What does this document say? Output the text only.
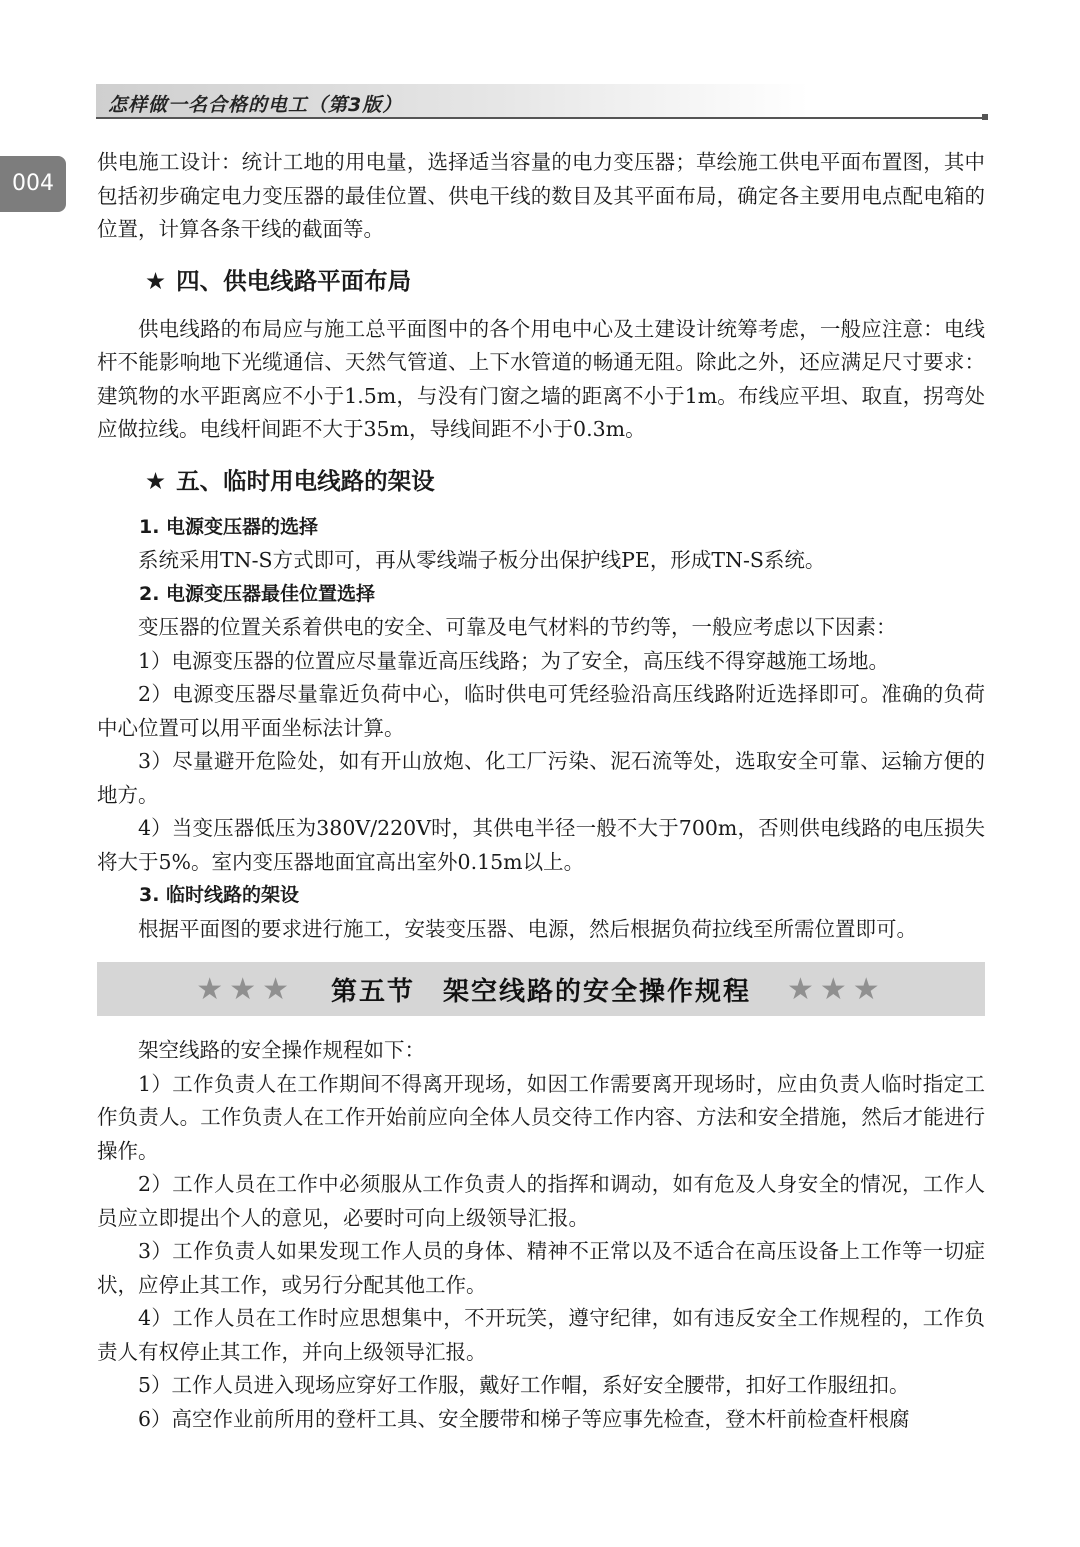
怎样做一名合格的电工（第3版）
004

供电施工设计：统计工地的用电量，选择适当容量的电力变压器；草绘施工供电平面布置图，其中包括初步确定电力变压器的最佳位置、供电干线的数目及其平面布局，确定各主要用电点配电箱的位置，计算各条干线的截面等。

★ 四、供电线路平面布局

供电线路的布局应与施工总平面图中的各个用电中心及土建设计统筹考虑，一般应注意：电线杆不能影响地下光缆通信、天然气管道、上下水管道的畅通无阻。除此之外，还应满足尺寸要求：建筑物的水平距离应不小于1.5m，与没有门窗之墙的距离不小于1m。布线应平坦、取直，拐弯处应做拉线。电线杆间距不大于35m，导线间距不小于0.3m。

★ 五、临时用电线路的架设
1. 电源变压器的选择

系统采用TN-S方式即可，再从零线端子板分出保护线PE，形成TN-S系统。

2. 电源变压器最佳位置选择

变压器的位置关系着供电的安全、可靠及电气材料的节约等，一般应考虑以下因素：

1）电源变压器的位置应尽量靠近高压线路；为了安全，高压线不得穿越施工场地。

2）电源变压器尽量靠近负荷中心，临时供电可凭经验沿高压线路附近选择即可。准确的负荷中心位置可以用平面坐标法计算。

3）尽量避开危险处，如有开山放炮、化工厂污染、泥石流等处，选取安全可靠、运输方便的地方。

4）当变压器低压为380V/220V时，其供电半径一般不大于700m，否则供电线路的电压损失将大于5%。室内变压器地面宜高出室外0.15m以上。

3. 临时线路的架设

根据平面图的要求进行施工，安装变压器、电源，然后根据负荷拉线至所需位置即可。

★★★ 第五节　架空线路的安全操作规程 ★★★

架空线路的安全操作规程如下：

1）工作负责人在工作期间不得离开现场，如因工作需要离开现场时，应由负责人临时指定工作负责人。工作负责人在工作开始前应向全体人员交待工作内容、方法和安全措施，然后才能进行操作。

2）工作人员在工作中必须服从工作负责人的指挥和调动，如有危及人身安全的情况，工作人员应立即提出个人的意见，必要时可向上级领导汇报。

3）工作负责人如果发现工作人员的身体、精神不正常以及不适合在高压设备上工作等一切症状，应停止其工作，或另行分配其他工作。

4）工作人员在工作时应思想集中，不开玩笑，遵守纪律，如有违反安全工作规程的，工作负责人有权停止其工作，并向上级领导汇报。

5）工作人员进入现场应穿好工作服，戴好工作帽，系好安全腰带，扣好工作服纽扣。

6）高空作业前所用的登杆工具、安全腰带和梯子等应事先检查，登木杆前检查杆根腐
